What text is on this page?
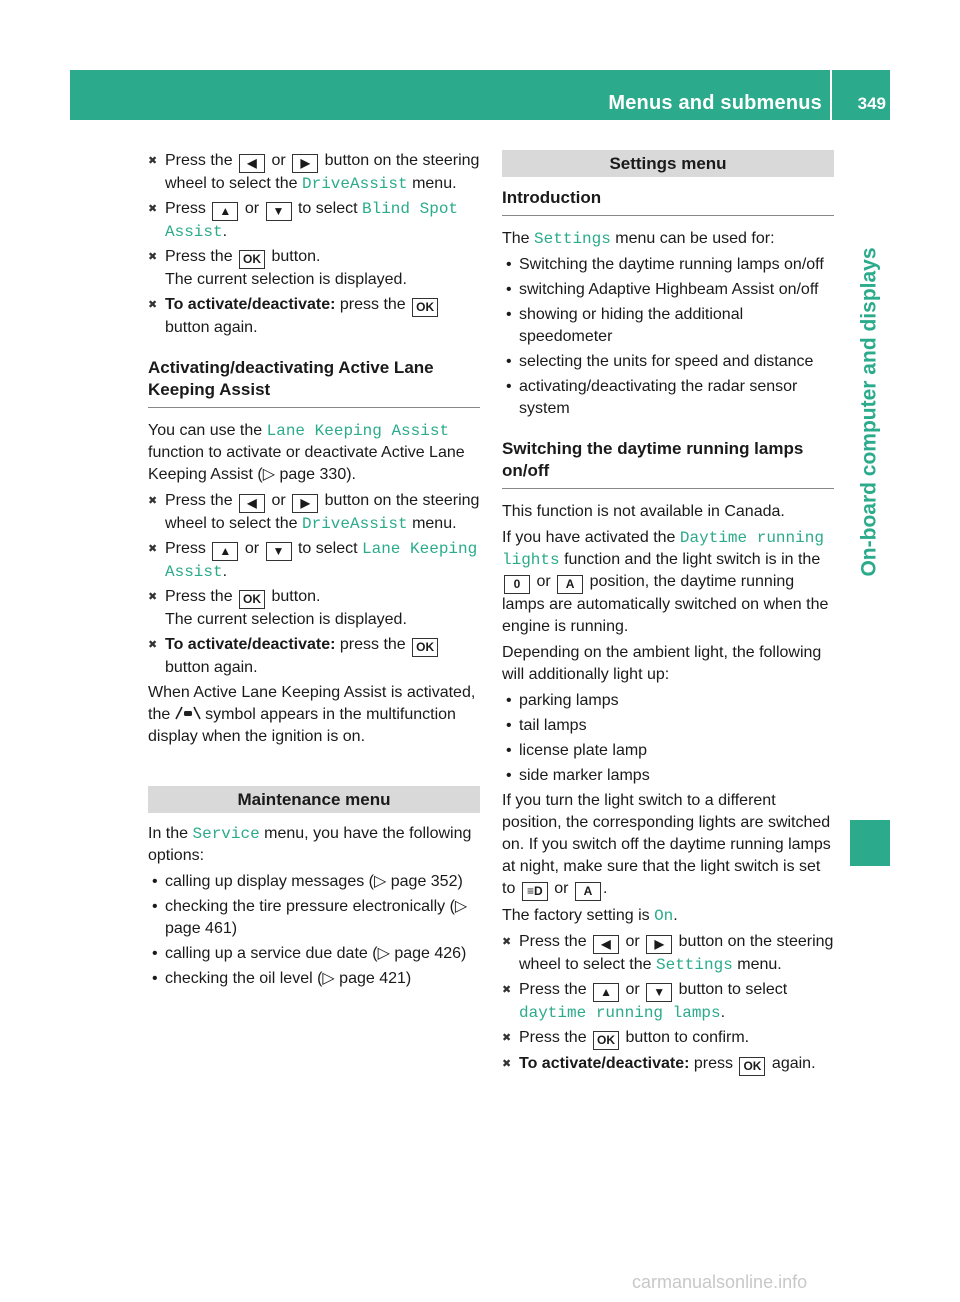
Menus and submenus 349
On-board computer and displays
✖ Press the ◀ or ▶ button on the steering wheel to select the DriveAssist menu.
✖ Press ▲ or ▼ to select Blind Spot Assist.
✖ Press the OK button.
The current selection is displayed.
✖ To activate/deactivate: press the OK button again.
Activating/deactivating Active Lane Keeping Assist

You can use the Lane Keeping Assist function to activate or deactivate Active Lane Keeping Assist (▷ page 330).

✖ Press the ◀ or ▶ button on the steering wheel to select the DriveAssist menu.
✖ Press ▲ or ▼ to select Lane Keeping Assist.
✖ Press the OK button.
The current selection is displayed.
✖ To activate/deactivate: press the OK button again.

When Active Lane Keeping Assist is activated, the symbol appears in the multifunction display when the ignition is on.

Maintenance menu

In the Service menu, you have the following options:

• calling up display messages (▷ page 352)
• checking the tire pressure electronically (▷ page 461)
• calling up a service due date (▷ page 426)
• checking the oil level (▷ page 421)
Settings menu
Introduction

The Settings menu can be used for:

• Switching the daytime running lamps on/off
• switching Adaptive Highbeam Assist on/off
• showing or hiding the additional speedometer
• selecting the units for speed and distance
• activating/deactivating the radar sensor system
Switching the daytime running lamps on/off

This function is not available in Canada.

If you have activated the Daytime running lights function and the light switch is in the 0 or A position, the daytime running lamps are automatically switched on when the engine is running.

Depending on the ambient light, the following will additionally light up:

• parking lamps
• tail lamps
• license plate lamp
• side marker lamps

If you turn the light switch to a different position, the corresponding lights are switched on. If you switch off the daytime running lamps at night, make sure that the light switch is set to ≡D or A .

The factory setting is On.

✖ Press the ◀ or ▶ button on the steering wheel to select the Settings menu.
✖ Press the ▲ or ▼ button to select daytime running lamps.
✖ Press the OK button to confirm.
✖ To activate/deactivate: press OK again.
carmanualsonline.info
